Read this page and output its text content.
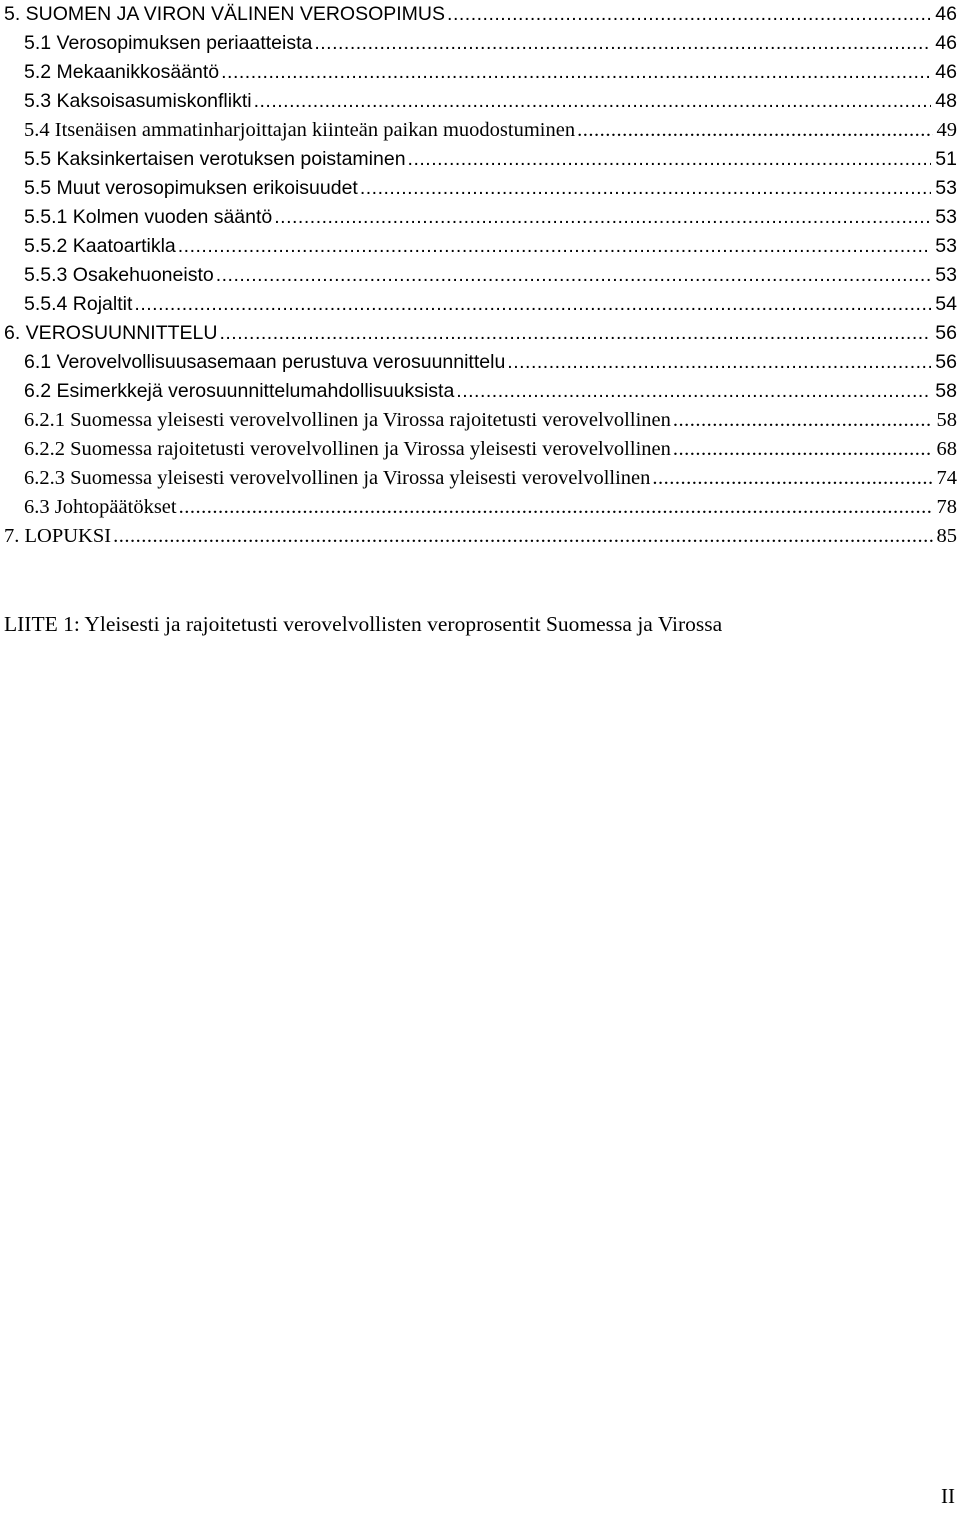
5. SUOMEN JA VIRON VÄLINEN VEROSOPIMUS .....	46
5.1 Verosopimuksen periaatteista .....	46
5.2 Mekaanikkosääntö .....	46
5.3 Kaksoisasumiskonflikti .....	48
5.4 Itsenäisen ammatinharjoittajan kiinteän paikan muodostuminen .....	49
5.5 Kaksinkertaisen verotuksen poistaminen .....	51
5.5 Muut verosopimuksen erikoisuudet .....	53
5.5.1 Kolmen vuoden sääntö .....	53
5.5.2 Kaatoartikla .....	53
5.5.3 Osakehuoneisto .....	53
5.5.4 Rojaltit .....	54
6. VEROSUUNNITTELU .....	56
6.1 Verovelvollisuusasemaan perustuva verosuunnittelu .....	56
6.2 Esimerkkejä verosuunnittelumahdollisuuksista .....	58
6.2.1 Suomessa yleisesti verovelvollinen ja Virossa rajoitetusti verovelvollinen .....	58
6.2.2 Suomessa rajoitetusti verovelvollinen ja Virossa yleisesti verovelvollinen .....	68
6.2.3 Suomessa yleisesti verovelvollinen ja Virossa yleisesti verovelvollinen .....	74
6.3 Johtopäätökset .....	78
7. LOPUKSI .....	85
LIITE 1: Yleisesti ja rajoitetusti verovelvollisten veroprosentit Suomessa ja Virossa
II
